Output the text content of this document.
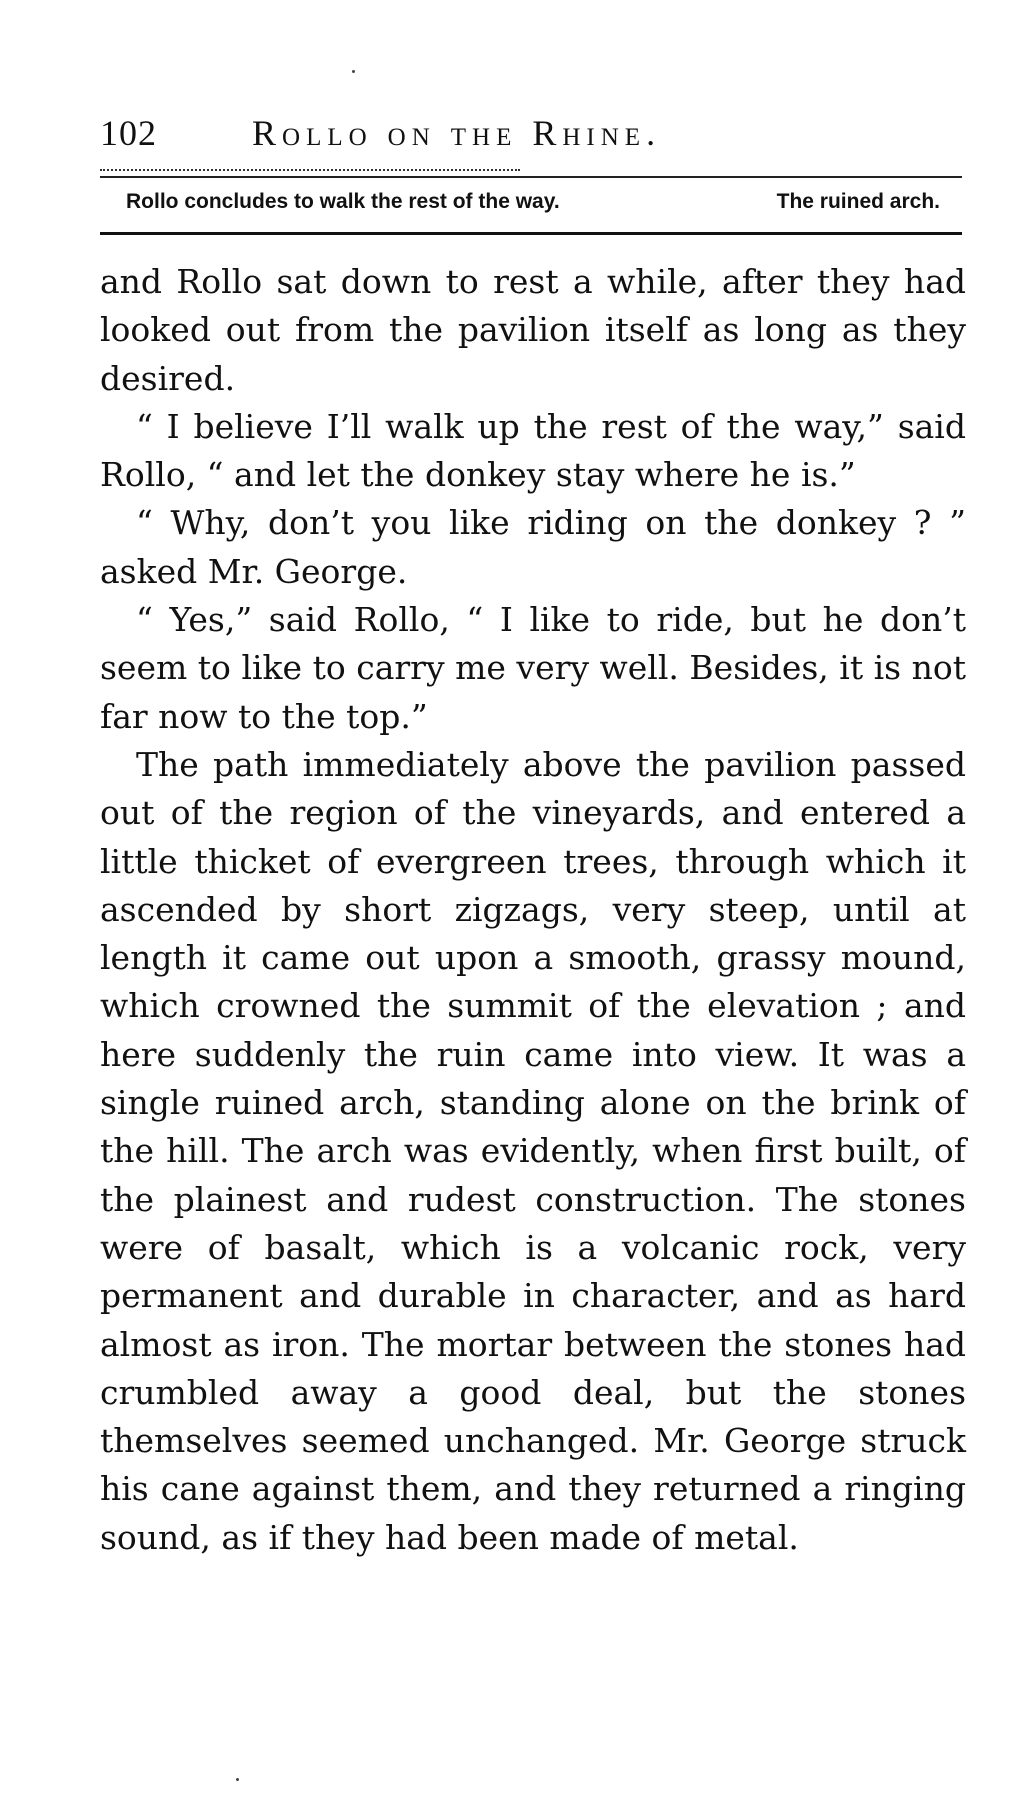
102	Rollo on the Rhine.
Rollo concludes to walk the rest of the way.	The ruined arch.

and Rollo sat down to rest a while, after they had looked out from the pavilion itself as long as they desired.

“ I believe I’ll walk up the rest of the way,” said Rollo, “ and let the donkey stay where he is.”

“ Why, don’t you like riding on the donkey ? ” asked Mr. George.

“ Yes,” said Rollo, “ I like to ride, but he don’t seem to like to carry me very well. Besides, it is not far now to the top.”

The path immediately above the pavilion passed out of the region of the vineyards, and entered a little thicket of evergreen trees, through which it ascended by short zigzags, very steep, until at length it came out upon a smooth, grassy mound, which crowned the summit of the elevation ; and here suddenly the ruin came into view. It was a single ruined arch, standing alone on the brink of the hill. The arch was evidently, when first built, of the plainest and rudest construction. The stones were of basalt, which is a volcanic rock, very permanent and durable in character, and as hard almost as iron. The mortar between the stones had crumbled away a good deal, but the stones themselves seemed unchanged. Mr. George struck his cane against them, and they returned a ringing sound, as if they had been made of metal.
